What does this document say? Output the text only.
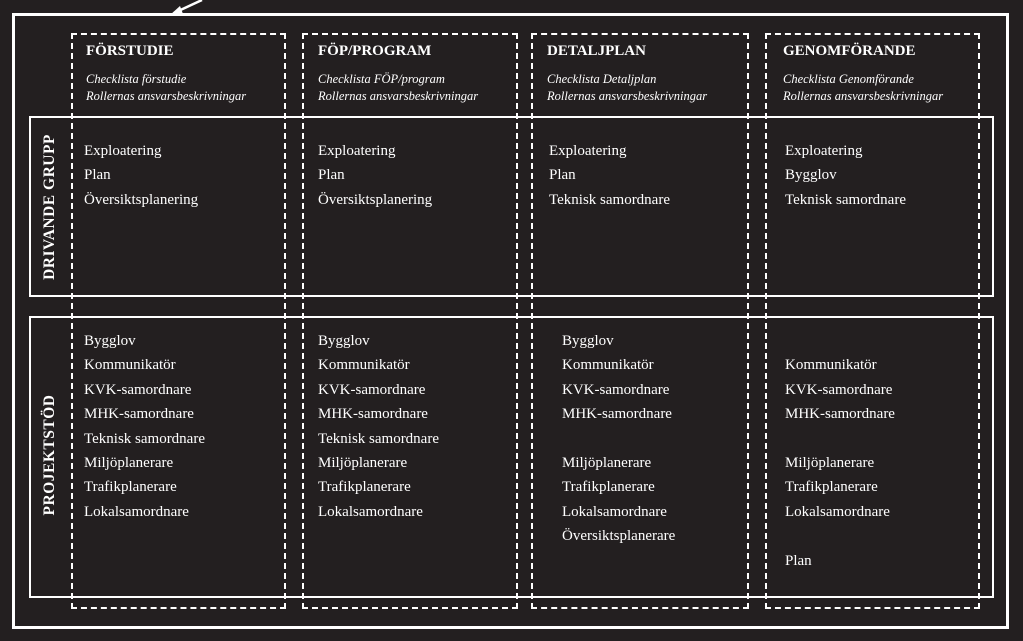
DRIVANDE GRUPP
PROJEKTSTÖD
FÖRSTUDIE
Checklista förstudie
Rollernas ansvarsbeskrivningar
Exploatering
Plan
Översiktsplanering
Bygglov
Kommunikatör
KVK-samordnare
MHK-samordnare
Teknisk samordnare
Miljöplanerare
Trafikplanerare
Lokalsamordnare
FÖP/PROGRAM
Checklista FÖP/program
Rollernas ansvarsbeskrivningar
Exploatering
Plan
Översiktsplanering
Bygglov
Kommunikatör
KVK-samordnare
MHK-samordnare
Teknisk samordnare
Miljöplanerare
Trafikplanerare
Lokalsamordnare
DETALJPLAN
Checklista Detaljplan
Rollernas ansvarsbeskrivningar
Exploatering
Plan
Teknisk samordnare
Bygglov
Kommunikatör
KVK-samordnare
MHK-samordnare
Miljöplanerare
Trafikplanerare
Lokalsamordnare
Översiktsplanerare
GENOMFÖRANDE
Checklista Genomförande
Rollernas ansvarsbeskrivningar
Exploatering
Bygglov
Teknisk samordnare
Kommunikatör
KVK-samordnare
MHK-samordnare
Miljöplanerare
Trafikplanerare
Lokalsamordnare
Plan
